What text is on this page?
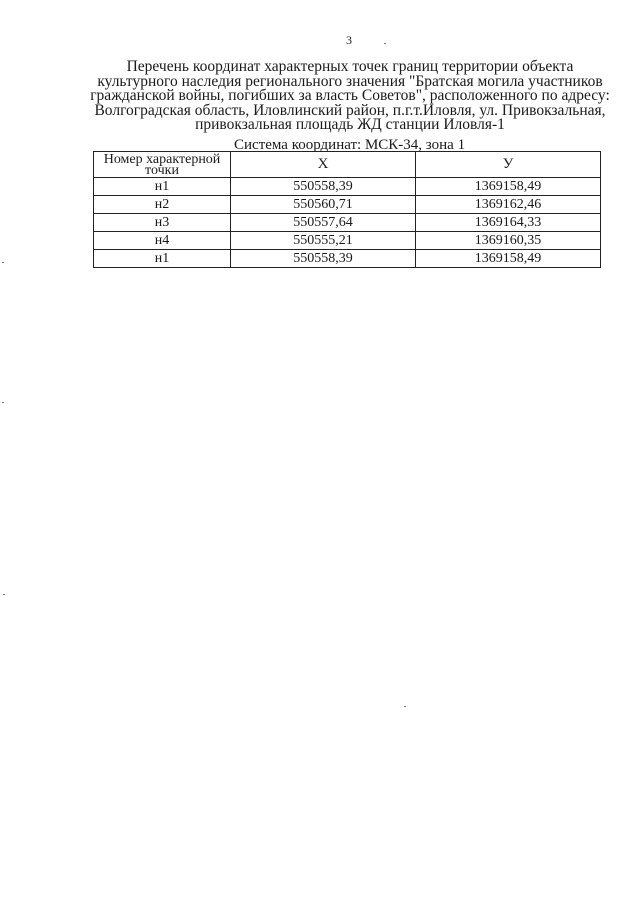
3
Перечень координат характерных точек границ территории объекта
культурного наследия регионального значения "Братская могила участников
гражданской войны, погибших за власть Советов", расположенного по адресу:
Волгоградская область, Иловлинский район, п.г.т.Иловля, ул. Привокзальная,
привокзальная площадь ЖД станции Иловля-1
Система координат: МСК-34, зона 1
Номер характерной
точки	X	У
н1	550558,39	1369158,49
н2	550560,71	1369162,46
н3	550557,64	1369164,33
н4	550555,21	1369160,35
н1	550558,39	1369158,49
